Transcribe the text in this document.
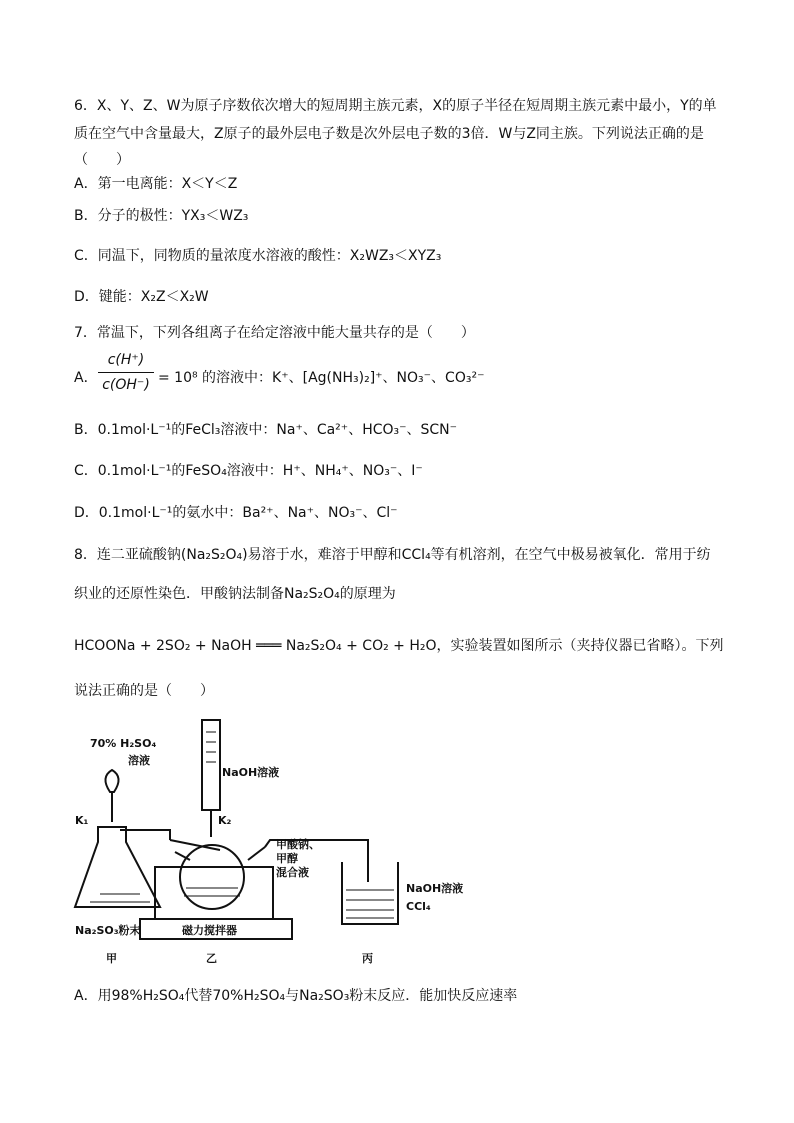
6．X、Y、Z、W为原子序数依次增大的短周期主族元素，X的原子半径在短周期主族元素中最小，Y的单
质在空气中含量最大，Z原子的最外层电子数是次外层电子数的3倍．W与Z同主族。下列说法正确的是
（　　）
A．第一电离能：X＜Y＜Z
B．分子的极性：YX₃＜WZ₃
C．同温下，同物质的量浓度水溶液的酸性：X₂WZ₃＜XYZ₃
D．键能：X₂Z＜X₂W
7．常温下，下列各组离子在给定溶液中能大量共存的是（　　）
A． $\frac{c(H^+)}{c(OH^-)} = 10^8$ 的溶液中：K⁺、[Ag(NH₃)₂]⁺、NO₃⁻、CO₃²⁻
B．0.1mol·L⁻¹的FeCl₃溶液中：Na⁺、Ca²⁺、HCO₃⁻、SCN⁻
C．0.1mol·L⁻¹的FeSO₄溶液中：H⁺、NH₄⁺、NO₃⁻、I⁻
D．0.1mol·L⁻¹的氨水中：Ba²⁺、Na⁺、NO₃⁻、Cl⁻
8．连二亚硫酸钠(Na₂S₂O₄)易溶于水，难溶于甲醇和CCl₄等有机溶剂，在空气中极易被氧化．常用于纺
织业的还原性染色．甲酸钠法制备Na₂S₂O₄的原理为
HCOONa + 2SO₂ + NaOH ═══ Na₂S₂O₄ + CO₂ + H₂O，实验装置如图所示（夹持仪器已省略）。下列
说法正确的是（　　）
70% H₂SO₄
溶液
NaOH溶液
K₁	K₂
甲酸钠、
甲醇
混合液
NaOH溶液
CCl₄
Na₂SO₃粉末	磁力搅拌器
甲	乙	丙
A．用98%H₂SO₄代替70%H₂SO₄与Na₂SO₃粉末反应．能加快反应速率
